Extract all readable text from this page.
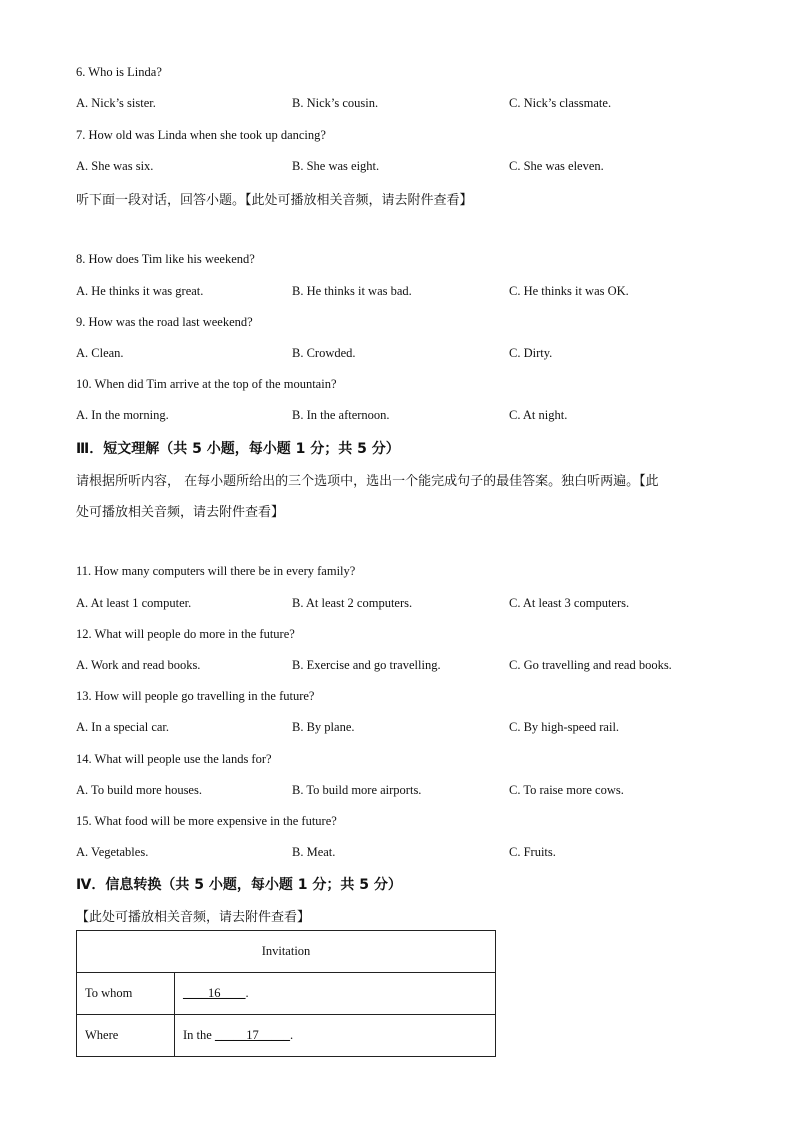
6. Who is Linda?
A. Nick’s sister.	B. Nick’s cousin.	C. Nick’s classmate.
7. How old was Linda when she took up dancing?
A. She was six.	B. She was eight.	C. She was eleven.
听下面一段对话，回答小题。【此处可播放相关音频，请去附件查看】
8. How does Tim like his weekend?
A. He thinks it was great.	B. He thinks it was bad.	C. He thinks it was OK.
9. How was the road last weekend?
A. Clean.	B. Crowded.	C. Dirty.
10. When did Tim arrive at the top of the mountain?
A. In the morning.	B. In the afternoon.	C. At night.
Ⅲ．短文理解（共 5 小题，每小题 1 分；共 5 分）
请根据所听内容， 在每小题所给出的三个选项中，选出一个能完成句子的最佳答案。独白听两遍。【此
处可播放相关音频，请去附件查看】
11. How many computers will there be in every family?
A. At least 1 computer.	B. At least 2 computers.	C. At least 3 computers.
12. What will people do more in the future?
A. Work and read books.	B. Exercise and go travelling.	C. Go travelling and read books.
13. How will people go travelling in the future?
A. In a special car.	B. By plane.	C. By high-speed rail.
14. What will people use the lands for?
A. To build more houses.	B. To build more airports.	C. To raise more cows.
15. What food will be more expensive in the future?
A. Vegetables.	B. Meat.	C. Fruits.
Ⅳ．信息转换（共 5 小题，每小题 1 分；共 5 分）
【此处可播放相关音频，请去附件查看】
Invitation	
To whom	____16____.
Where	In the _____17_____.
